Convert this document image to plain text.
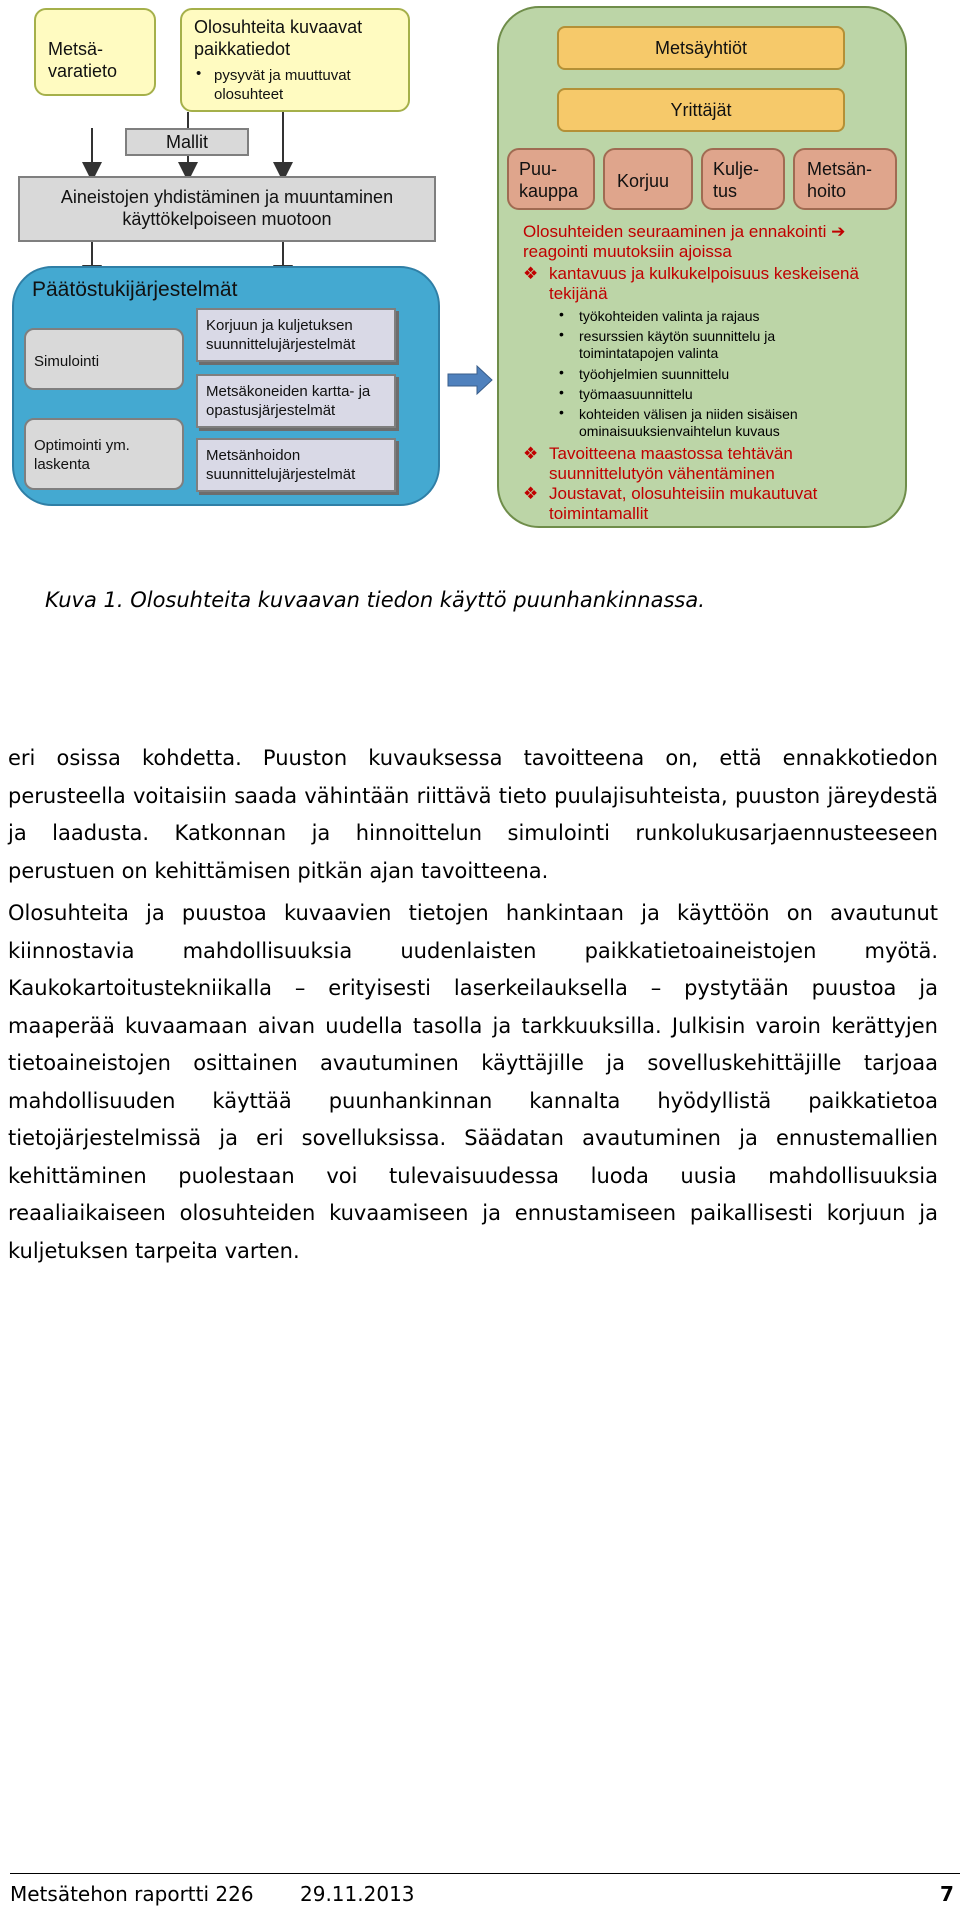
Metsä-
varatieto
Olosuhteita kuvaavat paikkatiedot
• pysyvät ja muuttuvat olosuhteet
Mallit
Aineistojen yhdistäminen ja muuntaminen käyttökelpoiseen muotoon
Päätöstukijärjestelmät
Simulointi
Optimointi ym. laskenta
Korjuun ja kuljetuksen suunnittelujärjestelmät
Metsäkoneiden kartta- ja opastusjärjestelmät
Metsänhoidon suunnittelujärjestelmät
Metsäyhtiöt
Yrittäjät
Puu-
kauppa Korjuu
Kulje-
tus
Metsän-
hoito
Olosuhteiden seuraaminen ja ennakointi ➔ reagointi muutoksiin ajoissa
❖ kantavuus ja kulkukelpoisuus keskeisenä tekijänä
• työkohteiden valinta ja rajaus
• resurssien käytön suunnittelu ja toimintatapojen valinta
• työohjelmien suunnittelu
• työmaasuunnittelu
• kohteiden välisen ja niiden sisäisen ominaisuuksienvaihtelun kuvaus
❖ Tavoitteena maastossa tehtävän suunnittelutyön vähentäminen
❖ Joustavat, olosuhteisiin mukautuvat toimintamallit
Kuva 1. Olosuhteita kuvaavan tiedon käyttö puunhankinnassa.
eri osissa kohdetta. Puuston kuvauksessa tavoitteena on, että ennakkotiedon perusteella voitaisiin saada vähintään riittävä tieto puulajisuhteista, puuston järeydestä ja laadusta. Katkonnan ja hinnoittelun simulointi runkolukusarjaennusteeseen perustuen on kehittämisen pitkän ajan tavoitteena.
Olosuhteita ja puustoa kuvaavien tietojen hankintaan ja käyttöön on avautunut kiinnostavia mahdollisuuksia uudenlaisten paikkatietoaineistojen myötä. Kaukokartoitustekniikalla – erityisesti laserkeilauksella – pystytään puustoa ja maaperää kuvaamaan aivan uudella tasolla ja tarkkuuksilla. Julkisin varoin kerättyjen tietoaineistojen osittainen avautuminen käyttäjille ja sovelluskehittäjille tarjoaa mahdollisuuden käyttää puunhankinnan kannalta hyödyllistä paikkatietoa tietojärjestelmissä ja eri sovelluksissa. Säädatan avautuminen ja ennustemallien kehittäminen puolestaan voi tulevaisuudessa luoda uusia mahdollisuuksia reaaliaikaiseen olosuhteiden kuvaamiseen ja ennustamiseen paikallisesti korjuun ja kuljetuksen tarpeita varten.
Metsätehon raportti 226 29.11.2013	7
